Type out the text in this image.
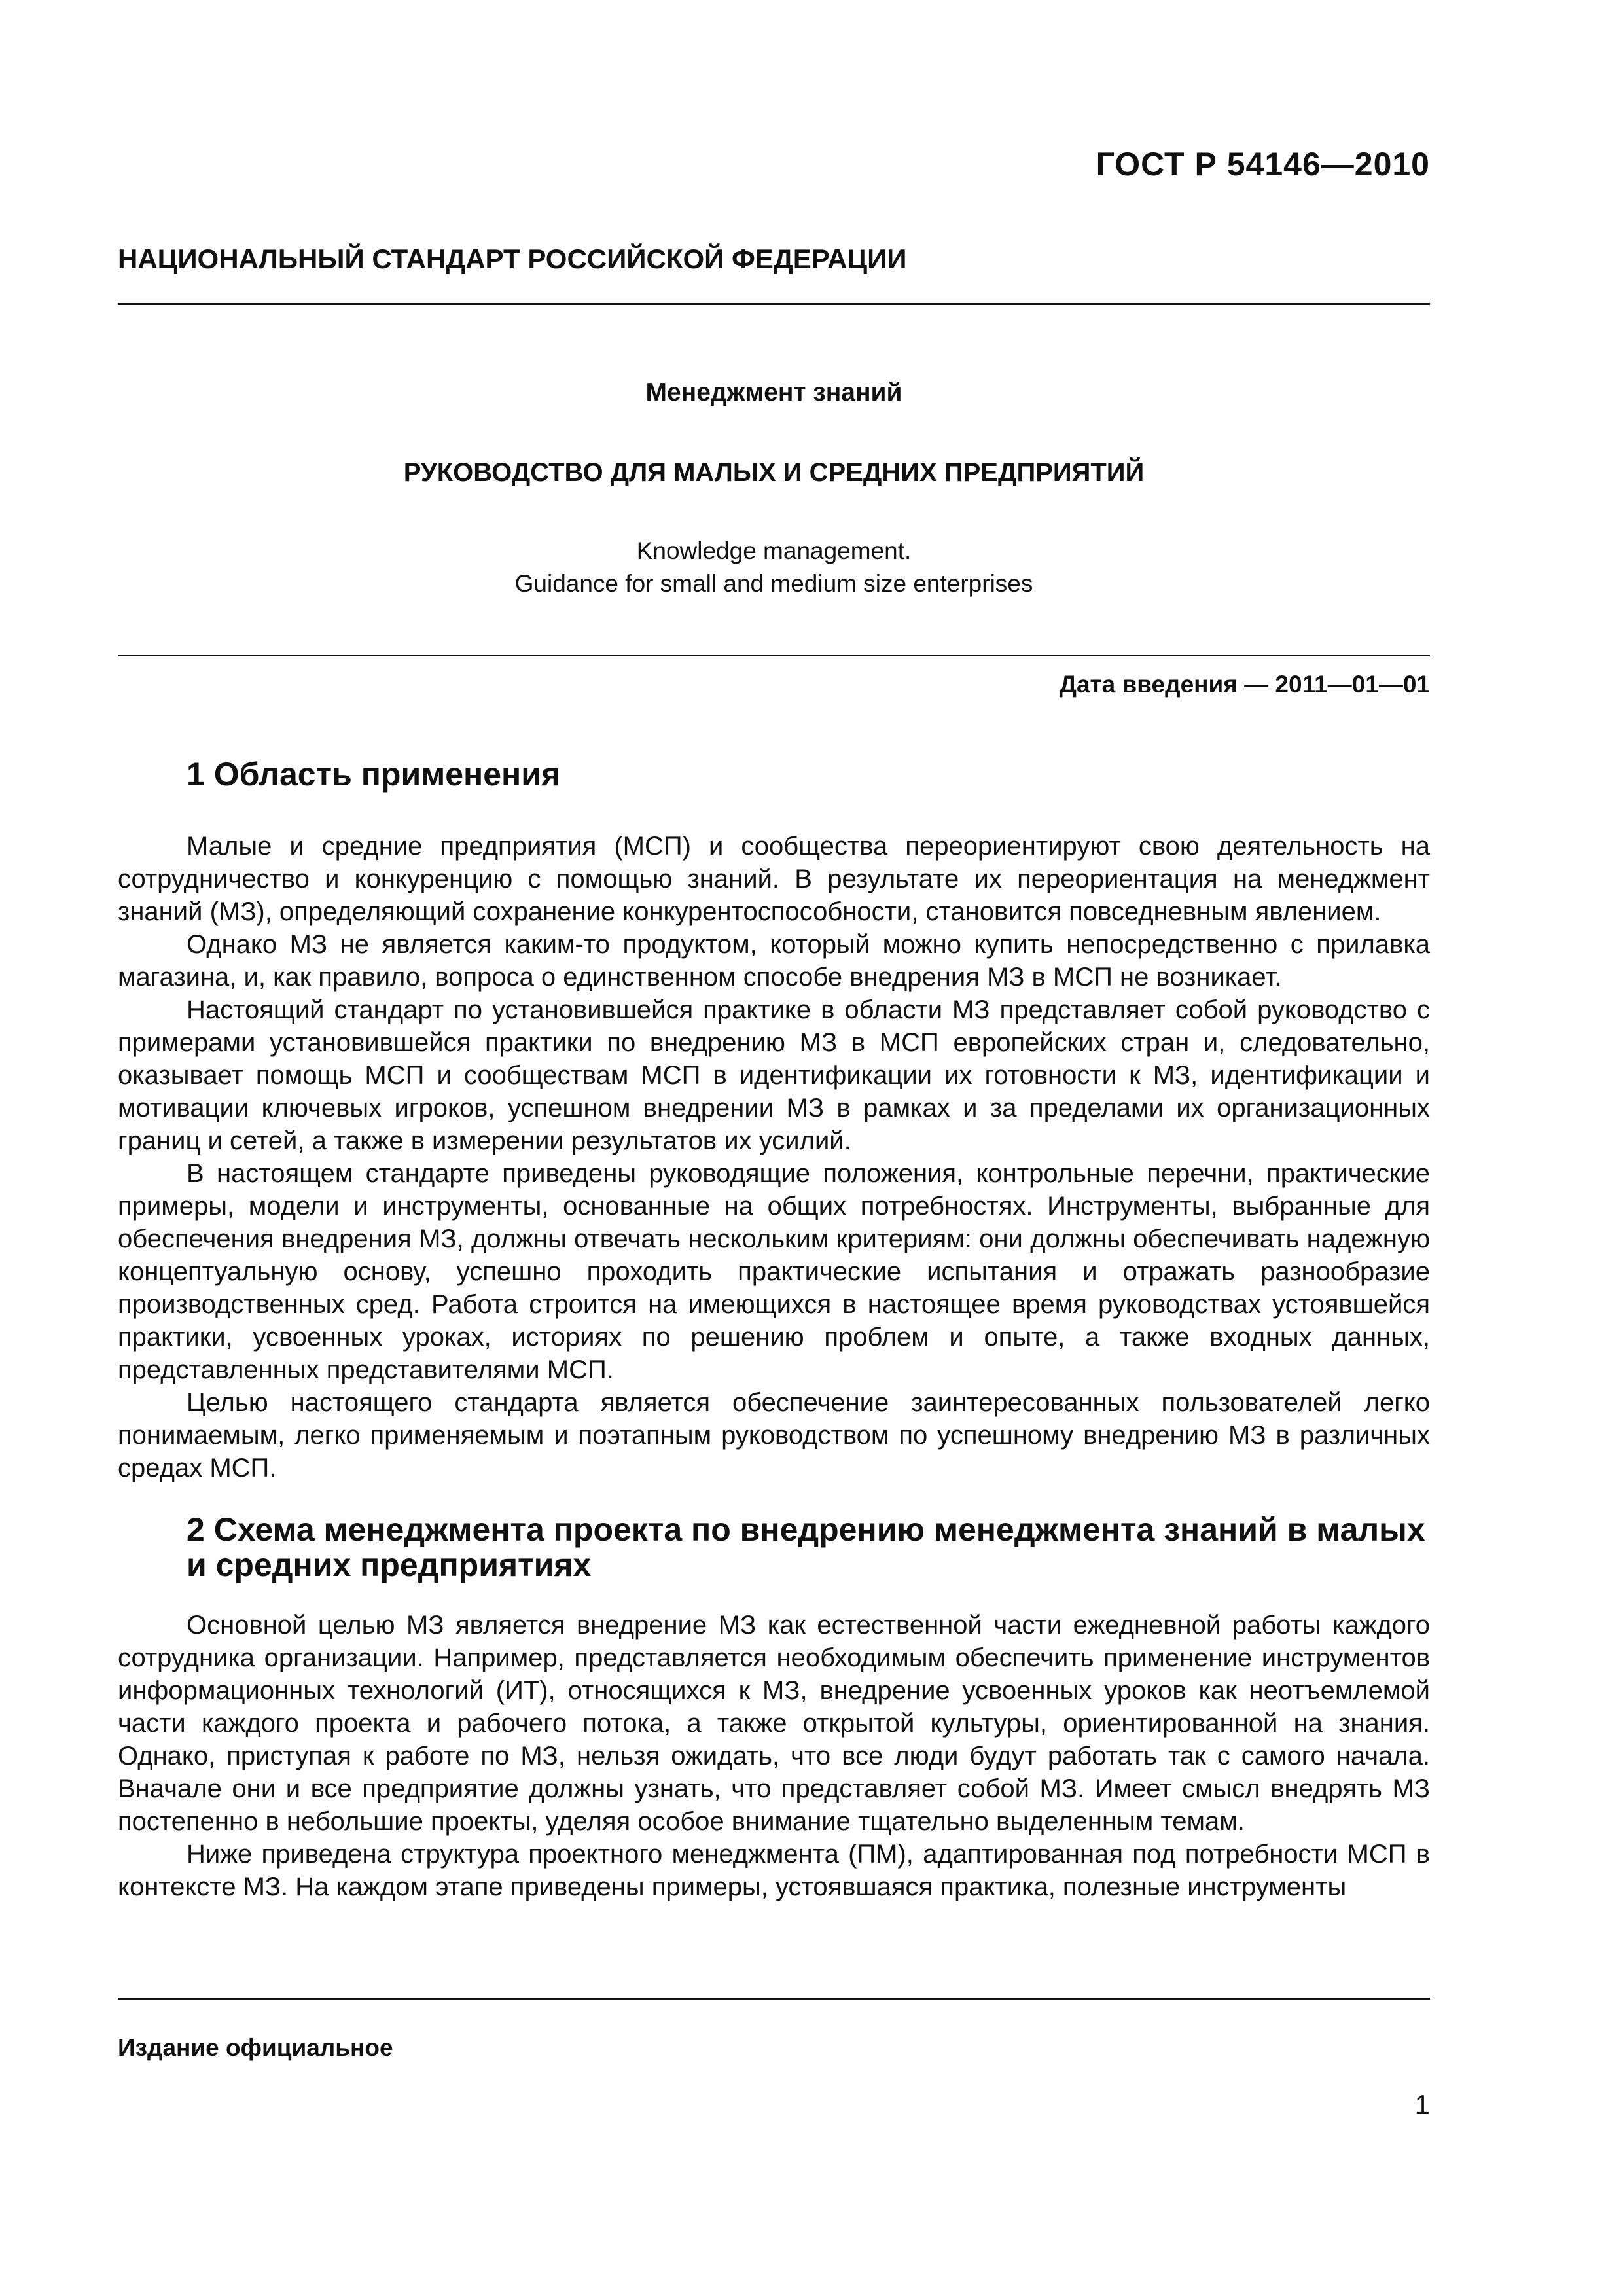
ГОСТ Р 54146—2010
НАЦИОНАЛЬНЫЙ СТАНДАРТ РОССИЙСКОЙ ФЕДЕРАЦИИ
Менеджмент знаний
РУКОВОДСТВО ДЛЯ МАЛЫХ И СРЕДНИХ ПРЕДПРИЯТИЙ
Knowledge management.
Guidance for small and medium size enterprises
Дата введения — 2011—01—01
1 Область применения

Малые и средние предприятия (МСП) и сообщества переориентируют свою деятельность на сотрудничество и конкуренцию с помощью знаний. В результате их переориентация на менеджмент знаний (МЗ), определяющий сохранение конкурентоспособности, становится повседневным явлением.

Однако МЗ не является каким-то продуктом, который можно купить непосредственно с прилавка магазина, и, как правило, вопроса о единственном способе внедрения МЗ в МСП не возникает.

Настоящий стандарт по установившейся практике в области МЗ представляет собой руководство с примерами установившейся практики по внедрению МЗ в МСП европейских стран и, следовательно, оказывает помощь МСП и сообществам МСП в идентификации их готовности к МЗ, идентификации и мотивации ключевых игроков, успешном внедрении МЗ в рамках и за пределами их организационных границ и сетей, а также в измерении результатов их усилий.

В настоящем стандарте приведены руководящие положения, контрольные перечни, практические примеры, модели и инструменты, основанные на общих потребностях. Инструменты, выбранные для обеспечения внедрения МЗ, должны отвечать нескольким критериям: они должны обеспечивать надежную концептуальную основу, успешно проходить практические испытания и отражать разнообразие производственных сред. Работа строится на имеющихся в настоящее время руководствах устоявшейся практики, усвоенных уроках, историях по решению проблем и опыте, а также входных данных, представленных представителями МСП.

Целью настоящего стандарта является обеспечение заинтересованных пользователей легко понимаемым, легко применяемым и поэтапным руководством по успешному внедрению МЗ в различных средах МСП.

2 Схема менеджмента проекта по внедрению менеджмента знаний в малых
и средних предприятиях

Основной целью МЗ является внедрение МЗ как естественной части ежедневной работы каждого сотрудника организации. Например, представляется необходимым обеспечить применение инструментов информационных технологий (ИТ), относящихся к МЗ, внедрение усвоенных уроков как неотъемлемой части каждого проекта и рабочего потока, а также открытой культуры, ориентированной на знания. Однако, приступая к работе по МЗ, нельзя ожидать, что все люди будут работать так с самого начала. Вначале они и все предприятие должны узнать, что представляет собой МЗ. Имеет смысл внедрять МЗ постепенно в небольшие проекты, уделяя особое внимание тщательно выделенным темам.

Ниже приведена структура проектного менеджмента (ПМ), адаптированная под потребности МСП в контексте МЗ. На каждом этапе приведены примеры, устоявшаяся практика, полезные инструменты

Издание официальное
1
